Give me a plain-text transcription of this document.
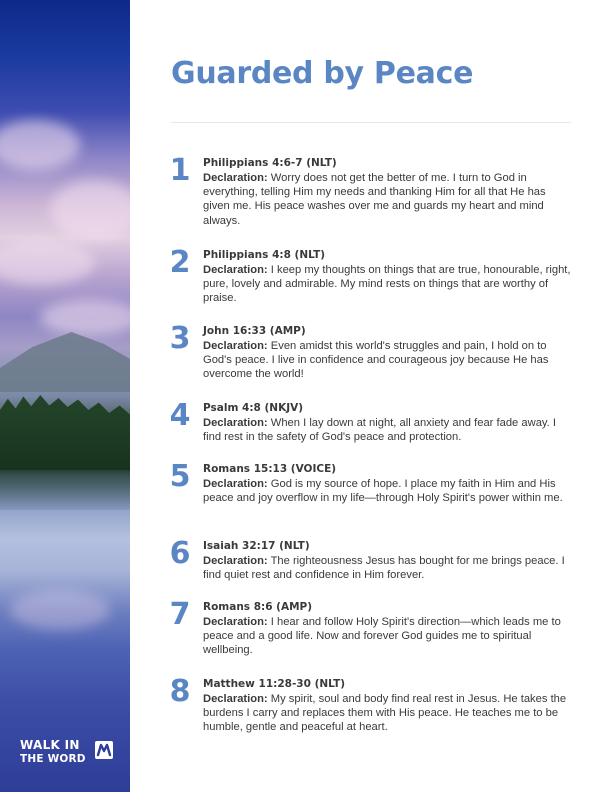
WALK IN
THE WORD
Guarded by Peace
1	Philippians 4:6-7 (NLT)
Declaration: Worry does not get the better of me. I turn to God in everything, telling Him my needs and thanking Him for all that He has given me. His peace washes over me and guards my heart and mind always.
2	Philippians 4:8 (NLT)
Declaration: I keep my thoughts on things that are true, honourable, right, pure, lovely and admirable. My mind rests on things that are worthy of praise.
3	John 16:33 (AMP)
Declaration: Even amidst this world's struggles and pain, I hold on to God's peace. I live in confidence and courageous joy because He has overcome the world!
4	Psalm 4:8 (NKJV)
Declaration: When I lay down at night, all anxiety and fear fade away. I find rest in the safety of God's peace and protection.
5	Romans 15:13 (VOICE)
Declaration: God is my source of hope. I place my faith in Him and His peace and joy overflow in my life—through Holy Spirit's power within me.
6	Isaiah 32:17 (NLT)
Declaration: The righteousness Jesus has bought for me brings peace. I find quiet rest and confidence in Him forever.
7	Romans 8:6 (AMP)
Declaration: I hear and follow Holy Spirit's direction—which leads me to peace and a good life. Now and forever God guides me to spiritual wellbeing.
8	Matthew 11:28-30 (NLT)
Declaration: My spirit, soul and body find real rest in Jesus. He takes the burdens I carry and replaces them with His peace. He teaches me to be humble, gentle and peaceful at heart.
